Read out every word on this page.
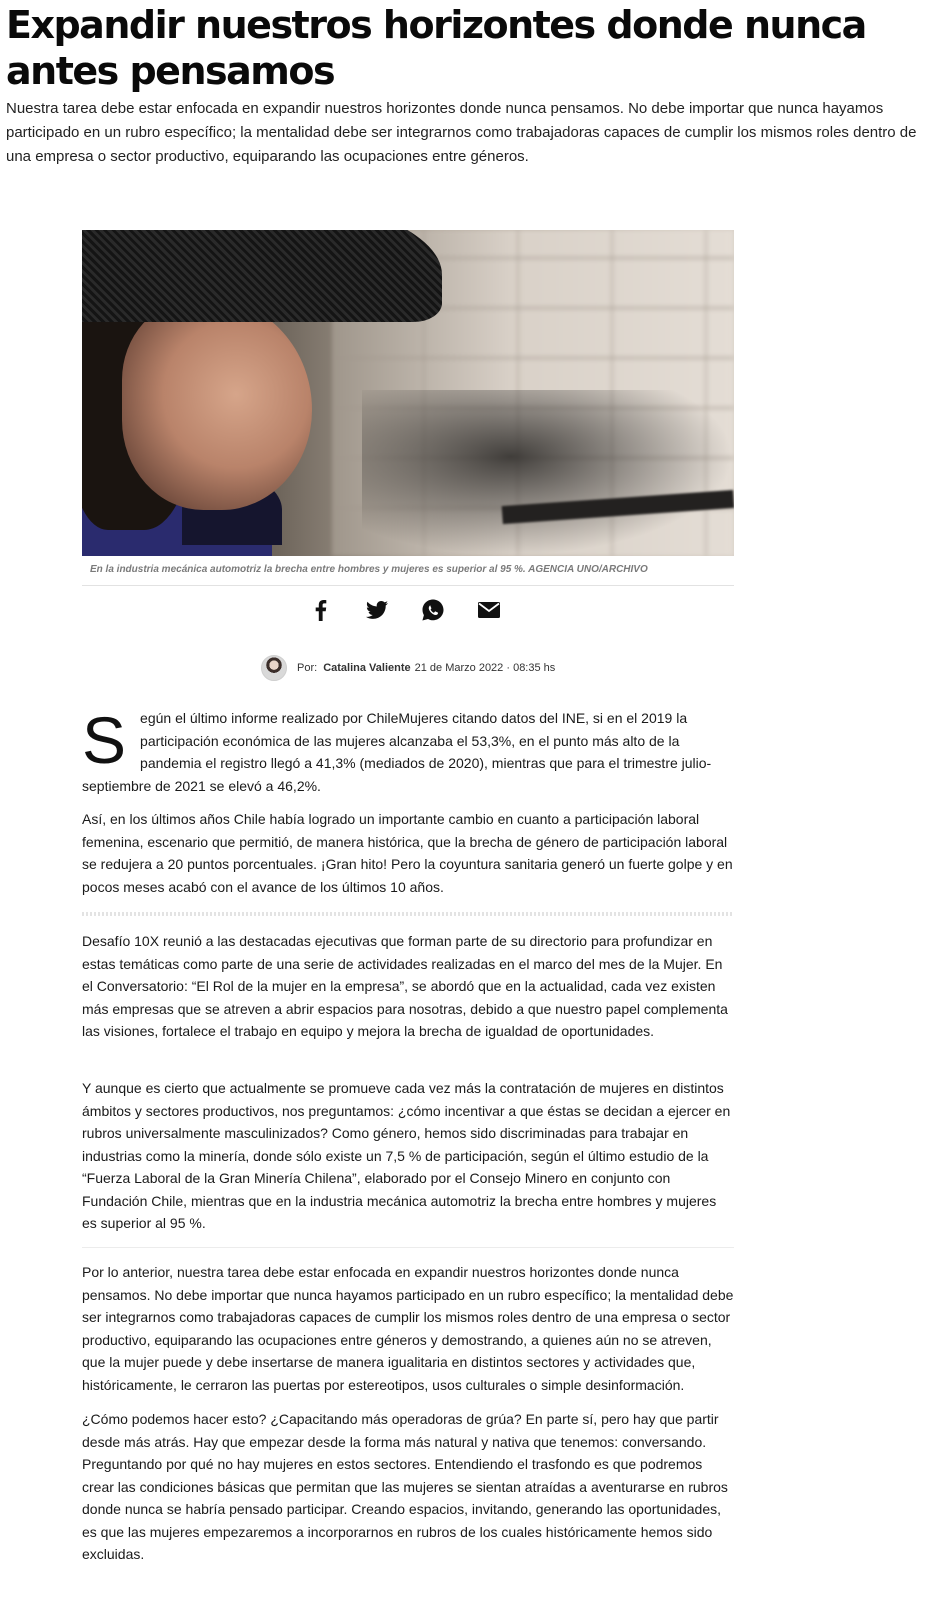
Expandir nuestros horizontes donde nunca antes pensamos

Nuestra tarea debe estar enfocada en expandir nuestros horizontes donde nunca pensamos. No debe importar que nunca hayamos participado en un rubro específico; la mentalidad debe ser integrarnos como trabajadoras capaces de cumplir los mismos roles dentro de una empresa o sector productivo, equiparando las ocupaciones entre géneros.

En la industria mecánica automotriz la brecha entre hombres y mujeres es superior al 95 %. AGENCIA UNO/ARCHIVO
Por: Catalina Valiente 21 de Marzo 2022 · 08:35 hs

S egún el último informe realizado por ChileMujeres citando datos del INE, si en el 2019 la participación económica de las mujeres alcanzaba el 53,3%, en el punto más alto de la pandemia el registro llegó a 41,3% (mediados de 2020), mientras que para el trimestre julio-septiembre de 2021 se elevó a 46,2%.

Así, en los últimos años Chile había logrado un importante cambio en cuanto a participación laboral femenina, escenario que permitió, de manera histórica, que la brecha de género de participación laboral se redujera a 20 puntos porcentuales. ¡Gran hito! Pero la coyuntura sanitaria generó un fuerte golpe y en pocos meses acabó con el avance de los últimos 10 años.

Desafío 10X reunió a las destacadas ejecutivas que forman parte de su directorio para profundizar en estas temáticas como parte de una serie de actividades realizadas en el marco del mes de la Mujer. En el Conversatorio: “El Rol de la mujer en la empresa”, se abordó que en la actualidad, cada vez existen más empresas que se atreven a abrir espacios para nosotras, debido a que nuestro papel complementa las visiones, fortalece el trabajo en equipo y mejora la brecha de igualdad de oportunidades.

Y aunque es cierto que actualmente se promueve cada vez más la contratación de mujeres en distintos ámbitos y sectores productivos, nos preguntamos: ¿cómo incentivar a que éstas se decidan a ejercer en rubros universalmente masculinizados? Como género, hemos sido discriminadas para trabajar en industrias como la minería, donde sólo existe un 7,5 % de participación, según el último estudio de la “Fuerza Laboral de la Gran Minería Chilena”, elaborado por el Consejo Minero en conjunto con Fundación Chile, mientras que en la industria mecánica automotriz la brecha entre hombres y mujeres es superior al 95 %.

Por lo anterior, nuestra tarea debe estar enfocada en expandir nuestros horizontes donde nunca pensamos. No debe importar que nunca hayamos participado en un rubro específico; la mentalidad debe ser integrarnos como trabajadoras capaces de cumplir los mismos roles dentro de una empresa o sector productivo, equiparando las ocupaciones entre géneros y demostrando, a quienes aún no se atreven, que la mujer puede y debe insertarse de manera igualitaria en distintos sectores y actividades que, históricamente, le cerraron las puertas por estereotipos, usos culturales o simple desinformación.

¿Cómo podemos hacer esto? ¿Capacitando más operadoras de grúa? En parte sí, pero hay que partir desde más atrás. Hay que empezar desde la forma más natural y nativa que tenemos: conversando. Preguntando por qué no hay mujeres en estos sectores. Entendiendo el trasfondo es que podremos crear las condiciones básicas que permitan que las mujeres se sientan atraídas a aventurarse en rubros donde nunca se habría pensado participar. Creando espacios, invitando, generando las oportunidades, es que las mujeres empezaremos a incorporarnos en rubros de los cuales históricamente hemos sido excluidas.
